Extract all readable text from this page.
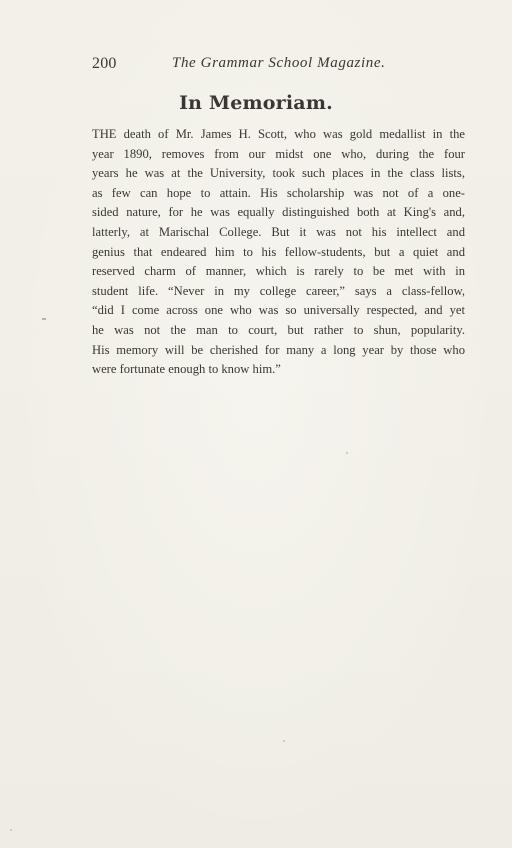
200	The Grammar School Magazine.
In Memoriam.
THE death of Mr. James H. Scott, who was gold medallist in the
year 1890, removes from our midst one who, during the four
years he was at the University, took such places in the class lists,
as few can hope to attain. His scholarship was not of a one-
sided nature, for he was equally distinguished both at King's and,
latterly, at Marischal College. But it was not his intellect and
genius that endeared him to his fellow-students, but a quiet and
reserved charm of manner, which is rarely to be met with in
student life. “Never in my college career,” says a class-fellow,
“did I come across one who was so universally respected, and yet
he was not the man to court, but rather to shun, popularity.
His memory will be cherished for many a long year by those who
were fortunate enough to know him.”
